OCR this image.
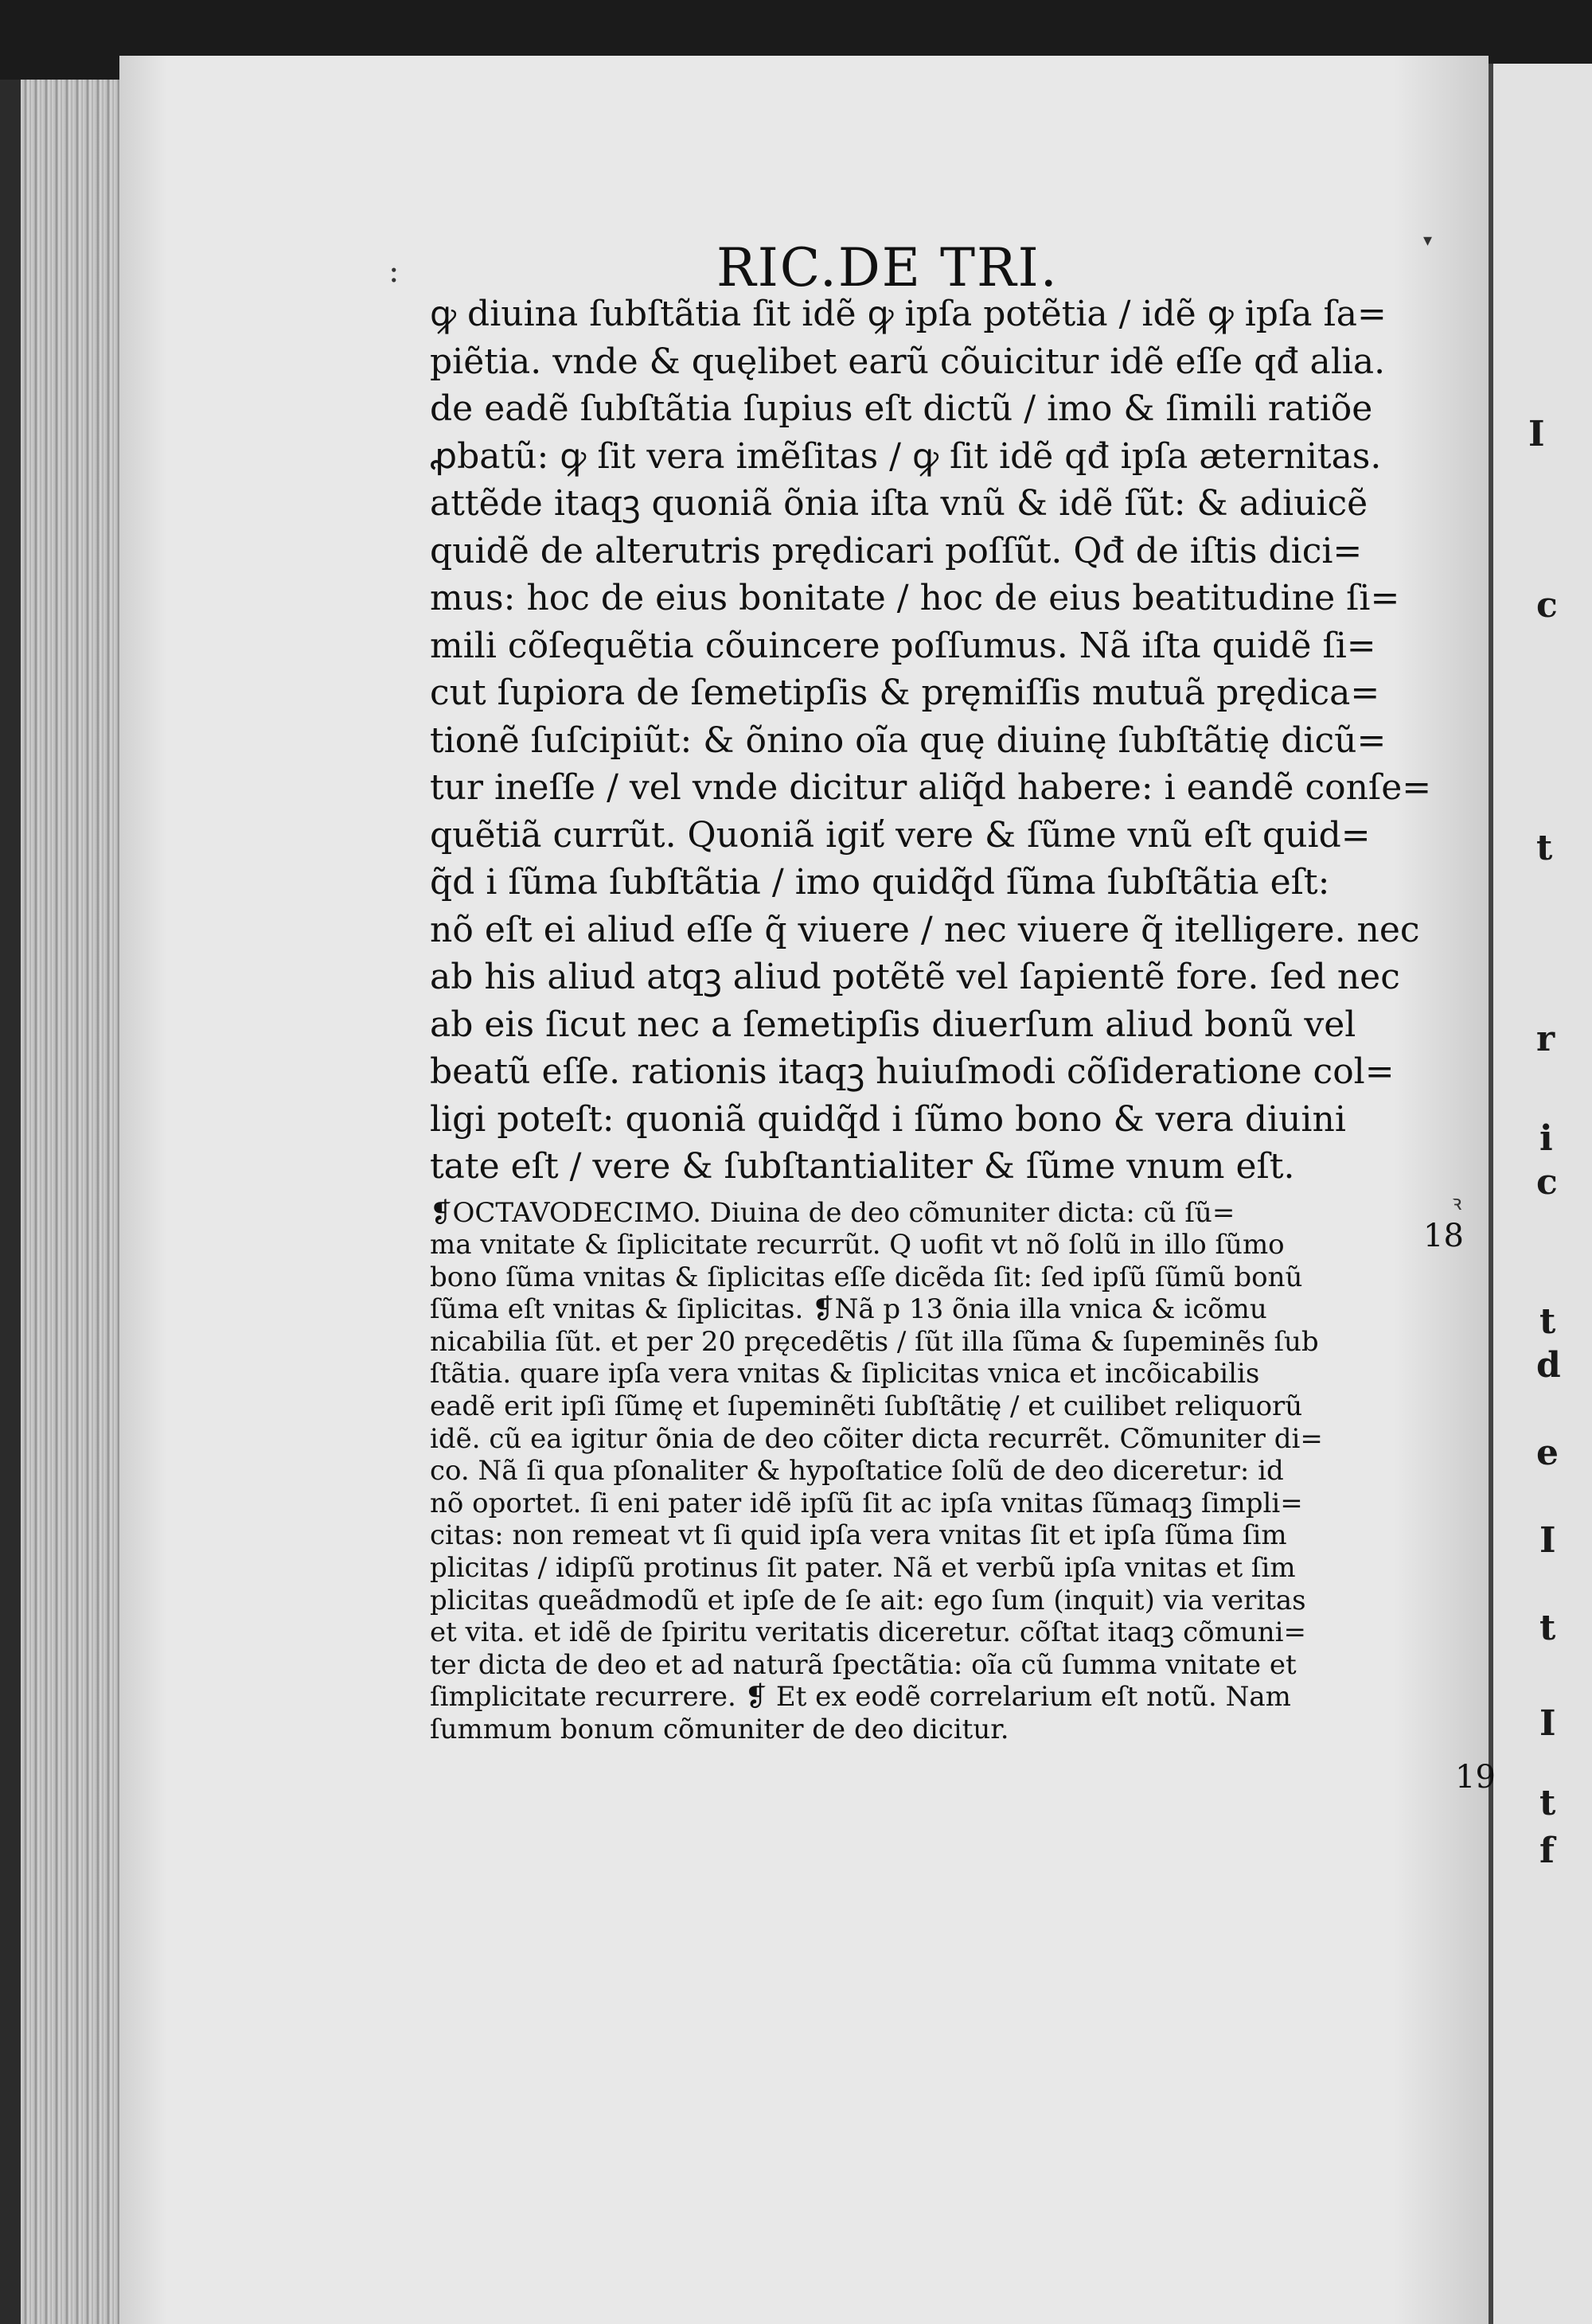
I
c
t
r
i
c
t
d
e
I
t
I
t
f
:
▾
ꝛ
RIC.DE TRI.
ꝙ diuina ſubſtãtia ſit idẽ ꝙ ipſa potẽtia / idẽ ꝙ ipſa ſa=
piẽtia. vnde & quęlibet earũ cõuicitur idẽ eſſe qđ alia.
de eadẽ ſubſtãtia ſupius eſt dictũ / imo & ſimili ratiõe
ꝓbatũ: ꝙ ſit vera imẽſitas / ꝙ ſit idẽ qđ ipſa æternitas.
attẽde itaqꝫ quoniã õnia iſta vnũ & idẽ ſũt: & adiuicẽ
quidẽ de alterutris prędicari poſſũt. Qđ de iſtis dici=
mus: hoc de eius bonitate / hoc de eius beatitudine ſi=
mili cõſequẽtia cõuincere poſſumus. Nã iſta quidẽ ſi=
cut ſupiora de ſemetipſis & pręmiſſis mutuã prędica=
tionẽ ſuſcipiũt: & õnino oĩa quę diuinę ſubſtãtię dicũ=
tur ineſſe / vel vnde dicitur aliq̃d habere: i eandẽ conſe=
quẽtiã currũt. Quoniã igiť vere & ſũme vnũ eſt quid=
q̃d i ſũma ſubſtãtia / imo quidq̃d ſũma ſubſtãtia eſt:
nõ eſt ei aliud eſſe q̃ viuere / nec viuere q̃ itelligere. nec
ab his aliud atqꝫ aliud potẽtẽ vel ſapientẽ fore. ſed nec
ab eis ſicut nec a ſemetipſis diuerſum aliud bonũ vel
beatũ eſſe. rationis itaqꝫ huiuſmodi cõſideratione col=
ligi poteſt: quoniã quidq̃d i ſũmo bono & vera diuini
tate eſt / vere & ſubſtantialiter & ſũme vnum eſt.
❡OCTAVODECIMO. Diuina de deo cõmuniter dicta: cũ ſũ=
ma vnitate & ſiplicitate recurrũt. Q uofit vt nõ ſolũ in illo ſũmo
bono ſũma vnitas & ſiplicitas eſſe dicẽda ſit: ſed ipſũ ſũmũ bonũ
ſũma eſt vnitas & ſiplicitas. ❡Nã p 13 õnia illa vnica & icõmu
nicabilia ſũt. et per 20 pręcedẽtis / ſũt illa ſũma & ſupeminẽs ſub
ſtãtia. quare ipſa vera vnitas & ſiplicitas vnica et incõicabilis
eadẽ erit ipſi ſũmę et ſupeminẽti ſubſtãtię / et cuilibet reliquorũ
idẽ. cũ ea igitur õnia de deo cõiter dicta recurrẽt. Cõmuniter di=
co. Nã ſi qua pſonaliter & hypoſtatice ſolũ de deo diceretur: id
nõ oportet. ſi eni pater idẽ ipſũ ſit ac ipſa vnitas ſũmaqꝫ ſimpli=
citas: non remeat vt ſi quid ipſa vera vnitas ſit et ipſa ſũma ſim
plicitas / idipſũ protinus ſit pater. Nã et verbũ ipſa vnitas et ſim
plicitas queãdmodũ et ipſe de ſe ait: ego ſum (inquit) via veritas
et vita. et idẽ de ſpiritu veritatis diceretur. cõſtat itaqꝫ cõmuni=
ter dicta de deo et ad naturã ſpectãtia: oĩa cũ ſumma vnitate et
ſimplicitate recurrere. ❡ Et ex eodẽ correlarium eſt notũ. Nam
ſummum bonum cõmuniter de deo dicitur.
18
19
